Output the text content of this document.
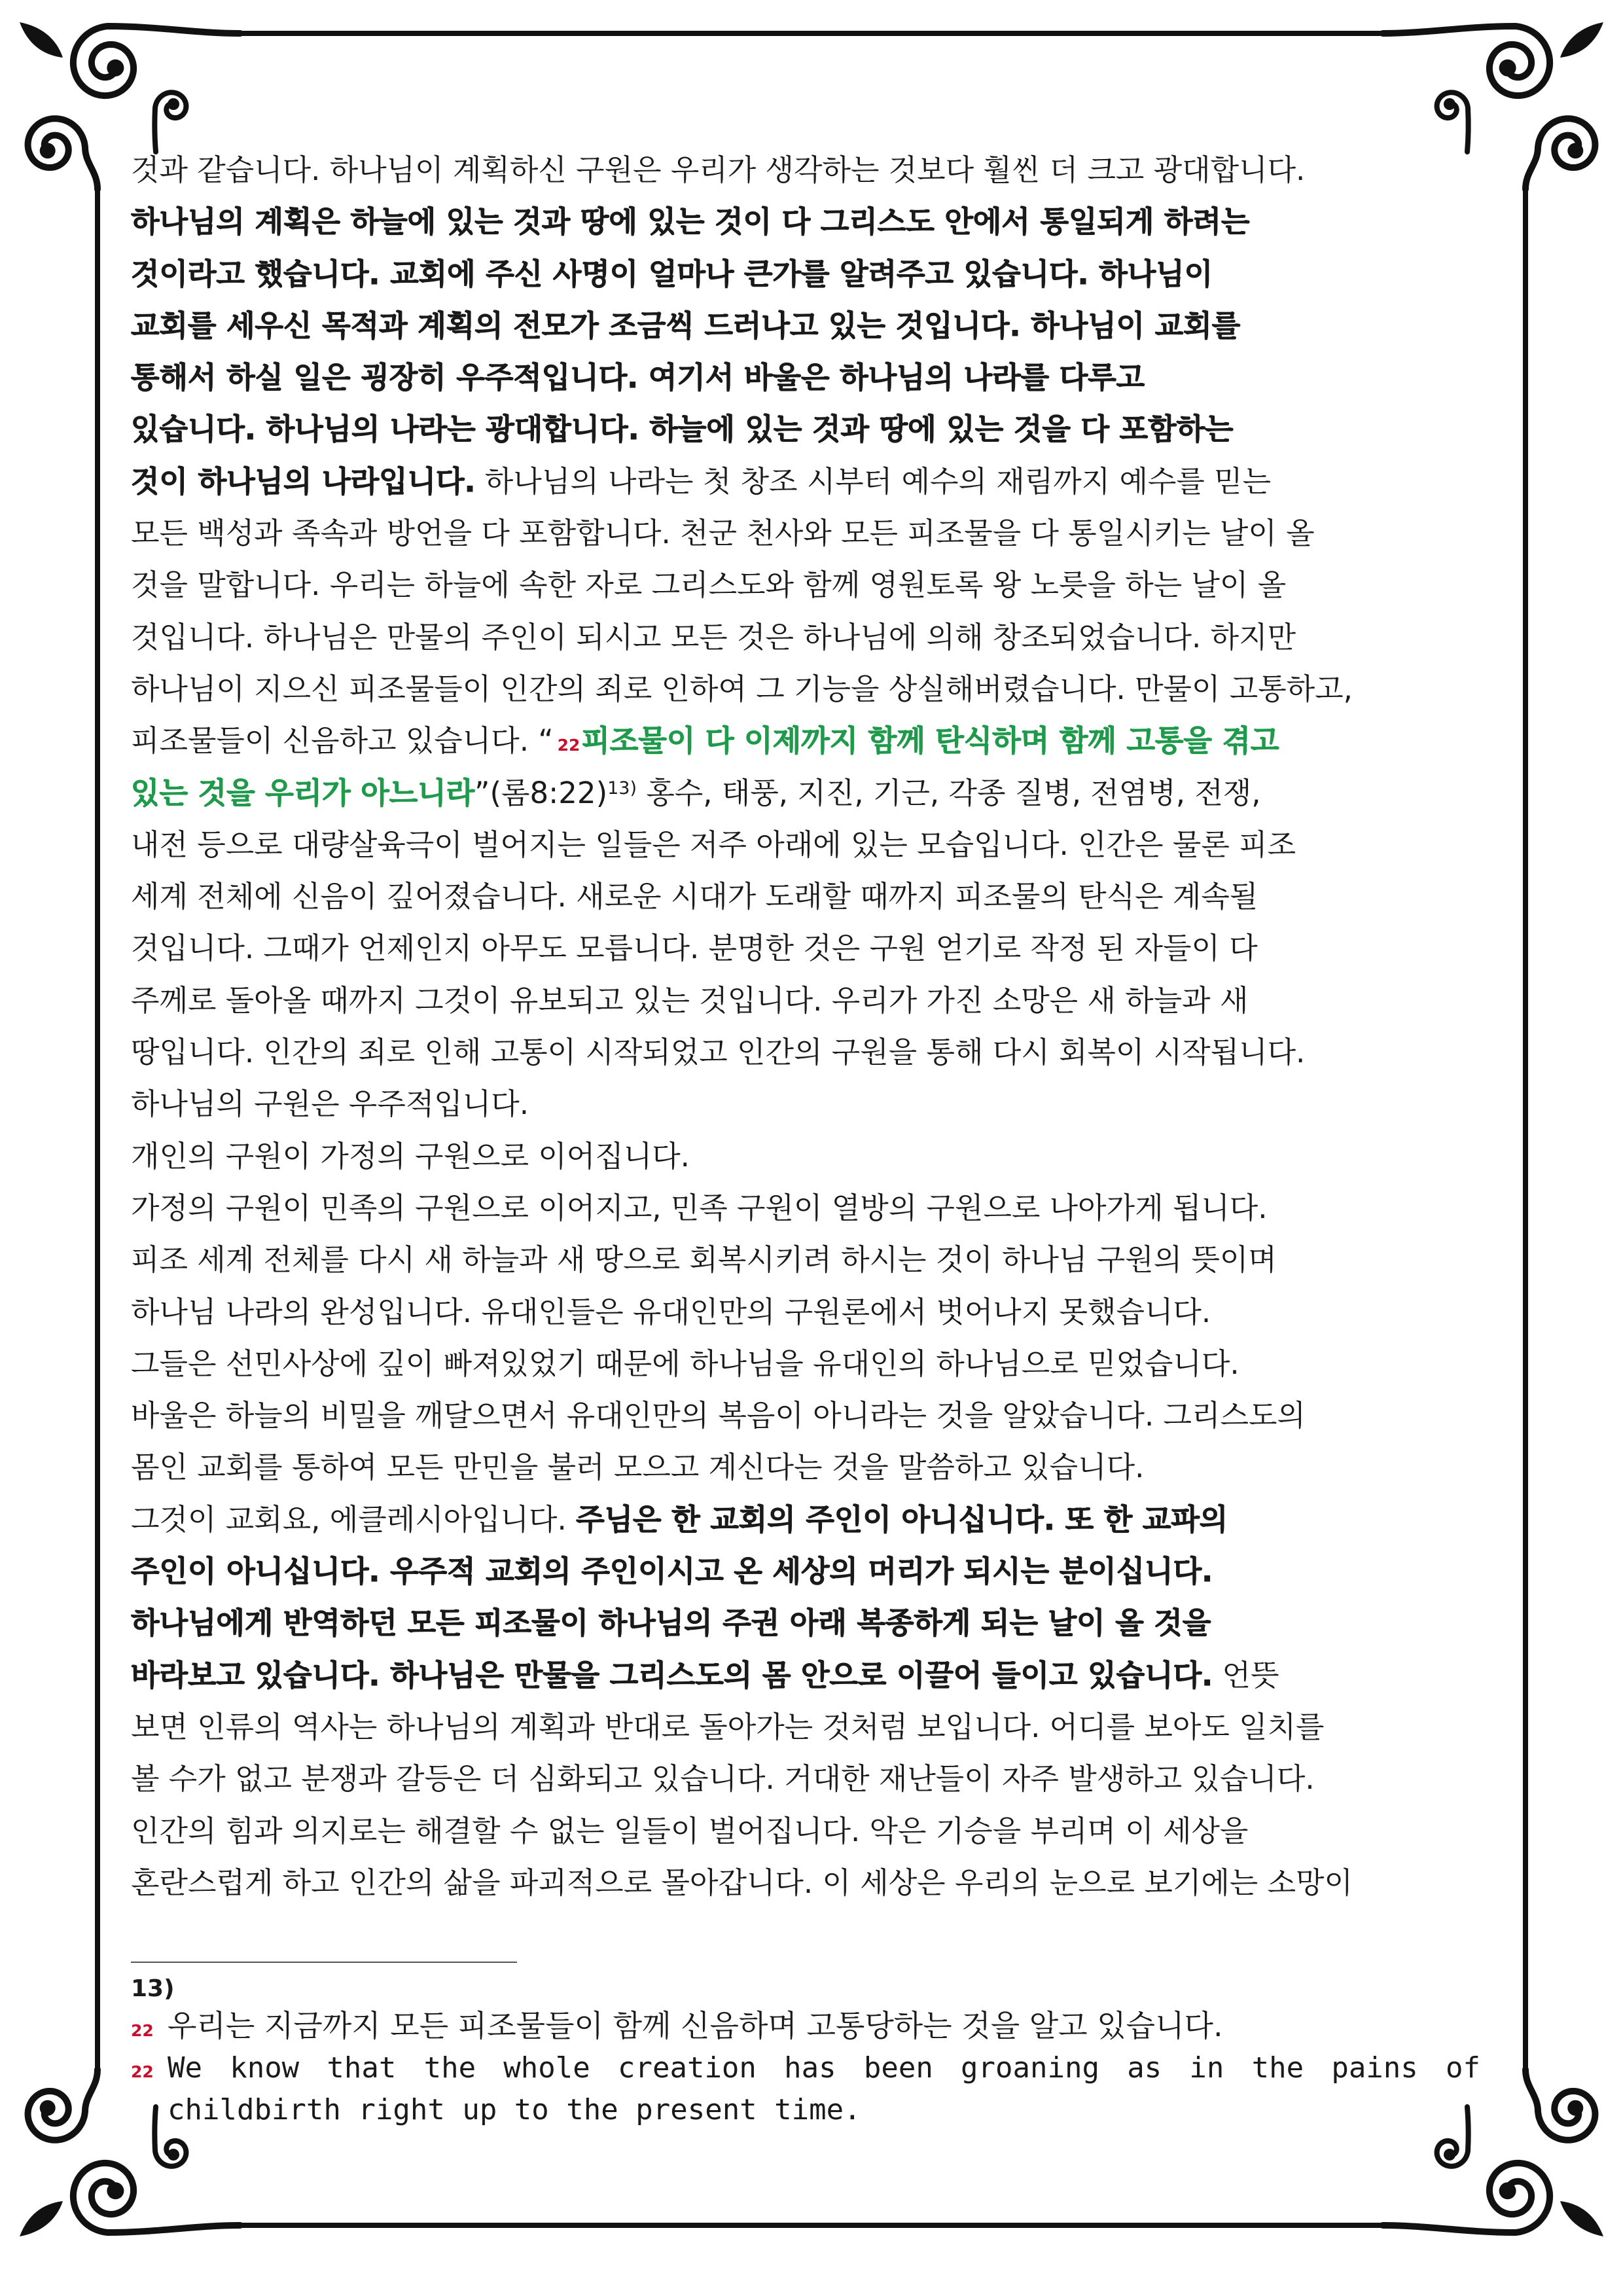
것과 같습니다. 하나님이 계획하신 구원은 우리가 생각하는 것보다 훨씬 더 크고 광대합니다.
하나님의 계획은 하늘에 있는 것과 땅에 있는 것이 다 그리스도 안에서 통일되게 하려는
것이라고 했습니다. 교회에 주신 사명이 얼마나 큰가를 알려주고 있습니다. 하나님이
교회를 세우신 목적과 계획의 전모가 조금씩 드러나고 있는 것입니다. 하나님이 교회를
통해서 하실 일은 굉장히 우주적입니다. 여기서 바울은 하나님의 나라를 다루고
있습니다. 하나님의 나라는 광대합니다. 하늘에 있는 것과 땅에 있는 것을 다 포함하는
것이 하나님의 나라입니다. 하나님의 나라는 첫 창조 시부터 예수의 재림까지 예수를 믿는
모든 백성과 족속과 방언을 다 포함합니다. 천군 천사와 모든 피조물을 다 통일시키는 날이 올
것을 말합니다. 우리는 하늘에 속한 자로 그리스도와 함께 영원토록 왕 노릇을 하는 날이 올
것입니다. 하나님은 만물의 주인이 되시고 모든 것은 하나님에 의해 창조되었습니다. 하지만
하나님이 지으신 피조물들이 인간의 죄로 인하여 그 기능을 상실해버렸습니다. 만물이 고통하고,
피조물들이 신음하고 있습니다. “ 22피조물이 다 이제까지 함께 탄식하며 함께 고통을 겪고
있는 것을 우리가 아느니라”(롬8:22)$^{13)}$ 홍수, 태풍, 지진, 기근, 각종 질병, 전염병, 전쟁,
내전 등으로 대량살육극이 벌어지는 일들은 저주 아래에 있는 모습입니다. 인간은 물론 피조
세계 전체에 신음이 깊어졌습니다. 새로운 시대가 도래할 때까지 피조물의 탄식은 계속될
것입니다. 그때가 언제인지 아무도 모릅니다. 분명한 것은 구원 얻기로 작정 된 자들이 다
주께로 돌아올 때까지 그것이 유보되고 있는 것입니다. 우리가 가진 소망은 새 하늘과 새
땅입니다. 인간의 죄로 인해 고통이 시작되었고 인간의 구원을 통해 다시 회복이 시작됩니다.
하나님의 구원은 우주적입니다.
개인의 구원이 가정의 구원으로 이어집니다.
가정의 구원이 민족의 구원으로 이어지고, 민족 구원이 열방의 구원으로 나아가게 됩니다.
피조 세계 전체를 다시 새 하늘과 새 땅으로 회복시키려 하시는 것이 하나님 구원의 뜻이며
하나님 나라의 완성입니다. 유대인들은 유대인만의 구원론에서 벗어나지 못했습니다.
그들은 선민사상에 깊이 빠져있었기 때문에 하나님을 유대인의 하나님으로 믿었습니다.
바울은 하늘의 비밀을 깨달으면서 유대인만의 복음이 아니라는 것을 알았습니다. 그리스도의
몸인 교회를 통하여 모든 만민을 불러 모으고 계신다는 것을 말씀하고 있습니다.
그것이 교회요, 에클레시아입니다. 주님은 한 교회의 주인이 아니십니다. 또 한 교파의
주인이 아니십니다. 우주적 교회의 주인이시고 온 세상의 머리가 되시는 분이십니다.
하나님에게 반역하던 모든 피조물이 하나님의 주권 아래 복종하게 되는 날이 올 것을
바라보고 있습니다. 하나님은 만물을 그리스도의 몸 안으로 이끌어 들이고 있습니다. 언뜻
보면 인류의 역사는 하나님의 계획과 반대로 돌아가는 것처럼 보입니다. 어디를 보아도 일치를
볼 수가 없고 분쟁과 갈등은 더 심화되고 있습니다. 거대한 재난들이 자주 발생하고 있습니다.
인간의 힘과 의지로는 해결할 수 없는 일들이 벌어집니다. 악은 기승을 부리며 이 세상을
혼란스럽게 하고 인간의 삶을 파괴적으로 몰아갑니다. 이 세상은 우리의 눈으로 보기에는 소망이
13)
22 우리는 지금까지 모든 피조물들이 함께 신음하며 고통당하는 것을 알고 있습니다.
22 We know that the whole creation has been groaning as in the pains of
childbirth right up to the present time.
